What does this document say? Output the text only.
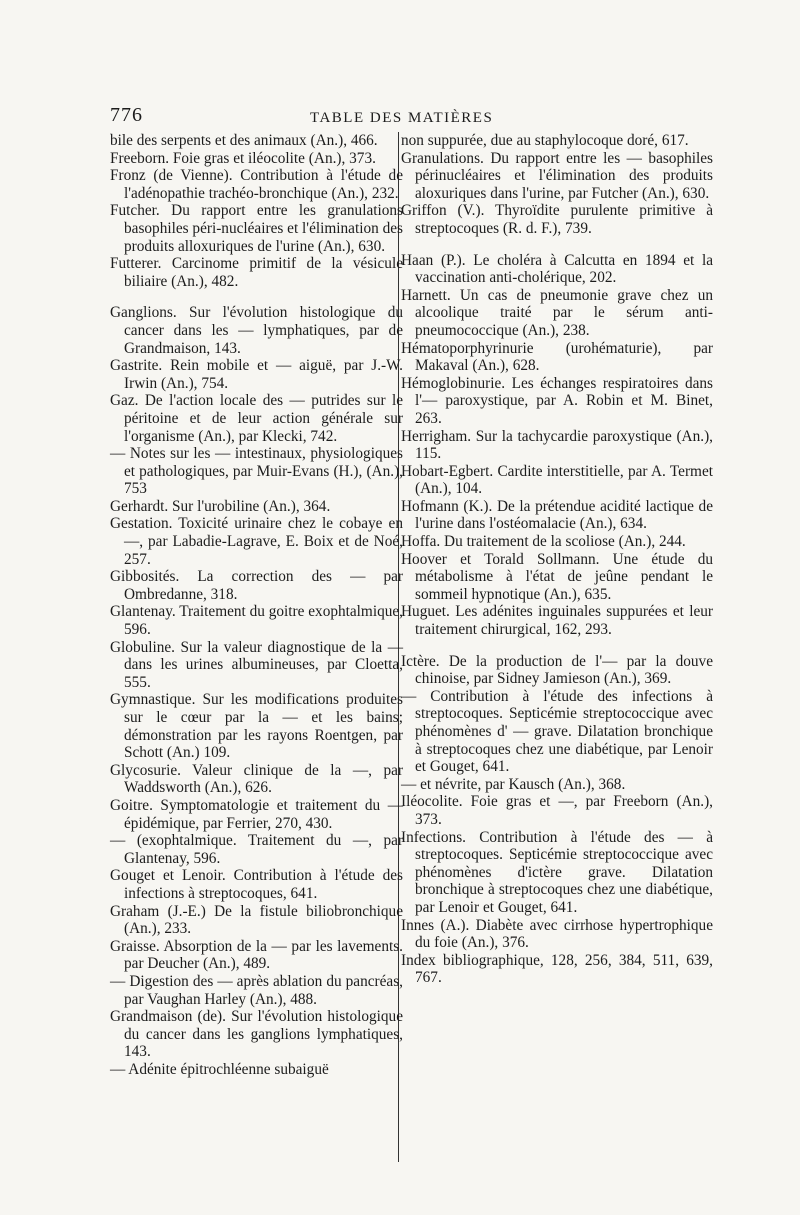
776	TABLE DES MATIÈRES

bile des serpents et des animaux (An.), 466.

Freeborn. Foie gras et iléocolite (An.), 373.

Fronz (de Vienne). Contribution à l'étude de l'adénopathie trachéo-bronchique (An.), 232.

Futcher. Du rapport entre les granulations basophiles péri-nucléaires et l'élimination des produits alloxuriques de l'urine (An.), 630.

Futterer. Carcinome primitif de la vésicule biliaire (An.), 482.

Ganglions. Sur l'évolution histologique du cancer dans les — lymphatiques, par de Grandmaison, 143.

Gastrite. Rein mobile et — aiguë, par J.-W. Irwin (An.), 754.

Gaz. De l'action locale des — putrides sur le péritoine et de leur action générale sur l'organisme (An.), par Klecki, 742.

— Notes sur les — intestinaux, physiologiques et pathologiques, par Muir-Evans (H.), (An.), 753

Gerhardt. Sur l'urobiline (An.), 364.

Gestation. Toxicité urinaire chez le cobaye en —, par Labadie-Lagrave, E. Boix et de Noé, 257.

Gibbosités. La correction des — par Ombredanne, 318.

Glantenay. Traitement du goitre exophtalmique, 596.

Globuline. Sur la valeur diagnostique de la — dans les urines albumineuses, par Cloetta, 555.

Gymnastique. Sur les modifications produites sur le cœur par la — et les bains; démonstration par les rayons Roentgen, par Schott (An.) 109.

Glycosurie. Valeur clinique de la —, par Waddsworth (An.), 626.

Goitre. Symptomatologie et traitement du — épidémique, par Ferrier, 270, 430.

— (exophtalmique. Traitement du —, par Glantenay, 596.

Gouget et Lenoir. Contribution à l'étude des infections à streptocoques, 641.

Graham (J.-E.) De la fistule biliobronchique (An.), 233.

Graisse. Absorption de la — par les lavements. par Deucher (An.), 489.

— Digestion des — après ablation du pancréas, par Vaughan Harley (An.), 488.

Grandmaison (de). Sur l'évolution histologique du cancer dans les ganglions lymphatiques, 143.

— Adénite épitrochléenne subaiguë

non suppurée, due au staphylocoque doré, 617.

Granulations. Du rapport entre les — basophiles périnucléaires et l'élimination des produits aloxuriques dans l'urine, par Futcher (An.), 630.

Griffon (V.). Thyroïdite purulente primitive à streptocoques (R. d. F.), 739.

Haan (P.). Le choléra à Calcutta en 1894 et la vaccination anti-cholérique, 202.

Harnett. Un cas de pneumonie grave chez un alcoolique traité par le sérum anti-pneumococcique (An.), 238.

Hématoporphyrinurie (urohématurie), par Makaval (An.), 628.

Hémoglobinurie. Les échanges respiratoires dans l'— paroxystique, par A. Robin et M. Binet, 263.

Herrigham. Sur la tachycardie paroxystique (An.), 115.

Hobart-Egbert. Cardite interstitielle, par A. Termet (An.), 104.

Hofmann (K.). De la prétendue acidité lactique de l'urine dans l'ostéomalacie (An.), 634.

Hoffa. Du traitement de la scoliose (An.), 244.

Hoover et Torald Sollmann. Une étude du métabolisme à l'état de jeûne pendant le sommeil hypnotique (An.), 635.

Huguet. Les adénites inguinales suppurées et leur traitement chirurgical, 162, 293.

Ictère. De la production de l'— par la douve chinoise, par Sidney Jamieson (An.), 369.

— Contribution à l'étude des infections à streptocoques. Septicémie streptococcique avec phénomènes d' — grave. Dilatation bronchique à streptocoques chez une diabétique, par Lenoir et Gouget, 641.

— et névrite, par Kausch (An.), 368.

Iléocolite. Foie gras et —, par Freeborn (An.), 373.

Infections. Contribution à l'étude des — à streptocoques. Septicémie streptococcique avec phénomènes d'ictère grave. Dilatation bronchique à streptocoques chez une diabétique, par Lenoir et Gouget, 641.

Innes (A.). Diabète avec cirrhose hypertrophique du foie (An.), 376.

Index bibliographique, 128, 256, 384, 511, 639, 767.
